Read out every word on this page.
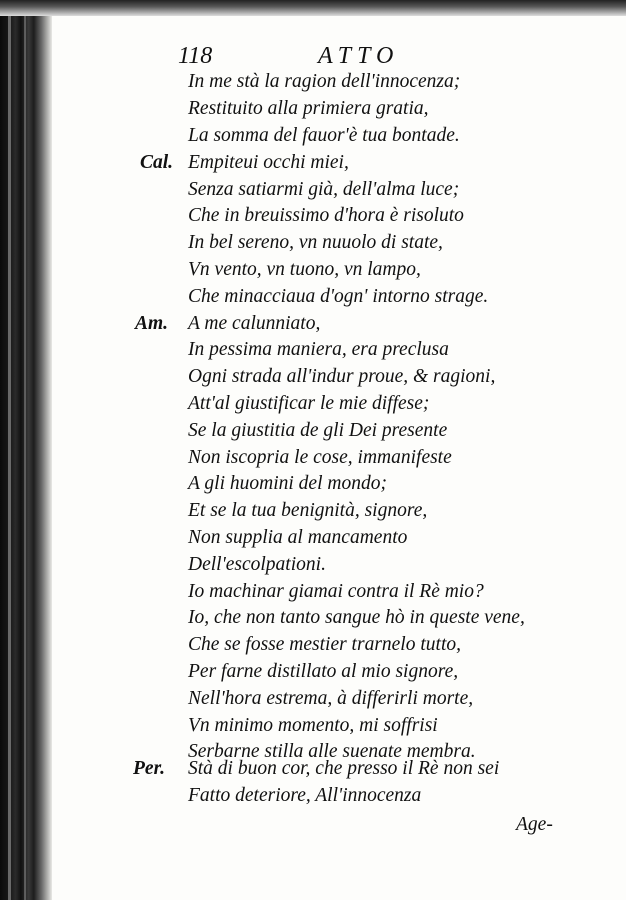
118	ATTO
Cal.
Am.
Per.
In me stà la ragion dell'innocenza;
Restituito alla primiera gratia,
La somma del fauor'è tua bontade.
Empiteui occhi miei,
Senza satiarmi già, dell'alma luce;
Che in breuissimo d'hora è risoluto
In bel sereno, vn nuuolo di state,
Vn vento, vn tuono, vn lampo,
Che minacciaua d'ogn' intorno strage.
A me calunniato,
In pessima maniera, era preclusa
Ogni strada all'indur proue, & ragioni,
Att'al giustificar le mie diffese;
Se la giustitia de gli Dei presente
Non iscopria le cose, immanifeste
A gli huomini del mondo;
Et se la tua benignità, signore,
Non supplia al mancamento
Dell'escolpationi.
Io machinar giamai contra il Rè mio?
Io, che non tanto sangue hò in queste vene,
Che se fosse mestier trarnelo tutto,
Per farne distillato al mio signore,
Nell'hora estrema, à differirli morte,
Vn minimo momento, mi soffrisi
Serbarne stilla alle suenate membra.
Stà di buon cor, che presso il Rè non sei
Fatto deteriore, All'innocenza
Age-
